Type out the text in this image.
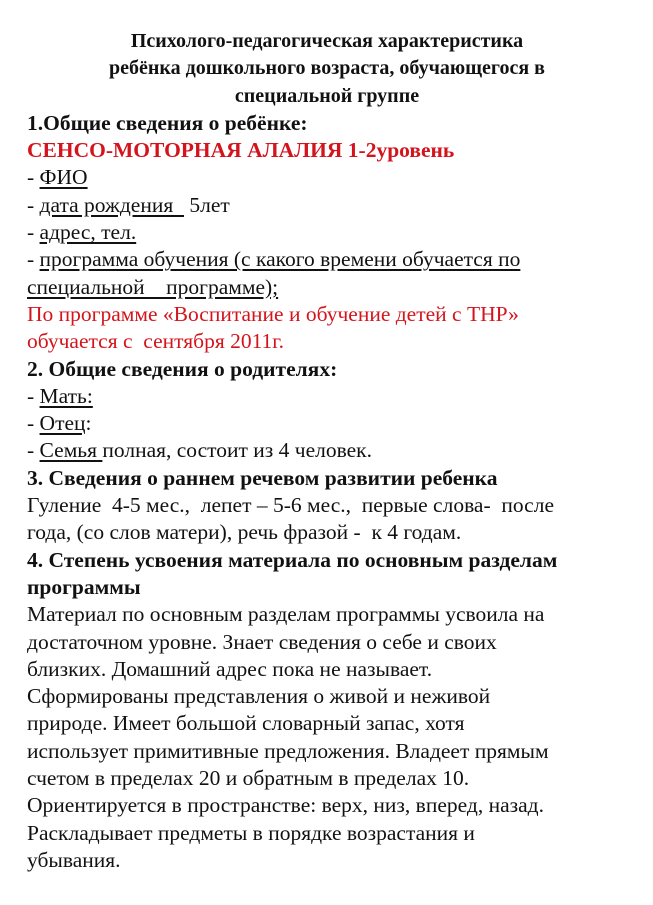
Психолого-педагогическая характеристика
ребёнка дошкольного возраста, обучающегося в
специальной группе
1.Общие сведения о ребёнке:
СЕНСО-МОТОРНАЯ АЛАЛИЯ 1-2уровень
- ФИО
- дата рождения   5лет
- адрес, тел.
- программа обучения (с какого времени обучается по
специальной    программе);
По программе «Воспитание и обучение детей с ТНР»
обучается с  сентября 2011г.
2. Общие сведения о родителях:
- Мать:
- Отец:
- Семья полная, состоит из 4 человек.
3. Сведения о раннем речевом развитии ребенка
Гуление  4-5 мес.,  лепет – 5-6 мес.,  первые слова-  после
года, (со слов матери), речь фразой -  к 4 годам.
4. Степень усвоения материала по основным разделам
программы
Материал по основным разделам программы усвоила на
достаточном уровне. Знает сведения о себе и своих
близких. Домашний адрес пока не называет.
Сформированы представления о живой и неживой
природе. Имеет большой словарный запас, хотя
использует примитивные предложения. Владеет прямым
счетом в пределах 20 и обратным в пределах 10.
Ориентируется в пространстве: верх, низ, вперед, назад.
Раскладывает предметы в порядке возрастания и
убывания.
